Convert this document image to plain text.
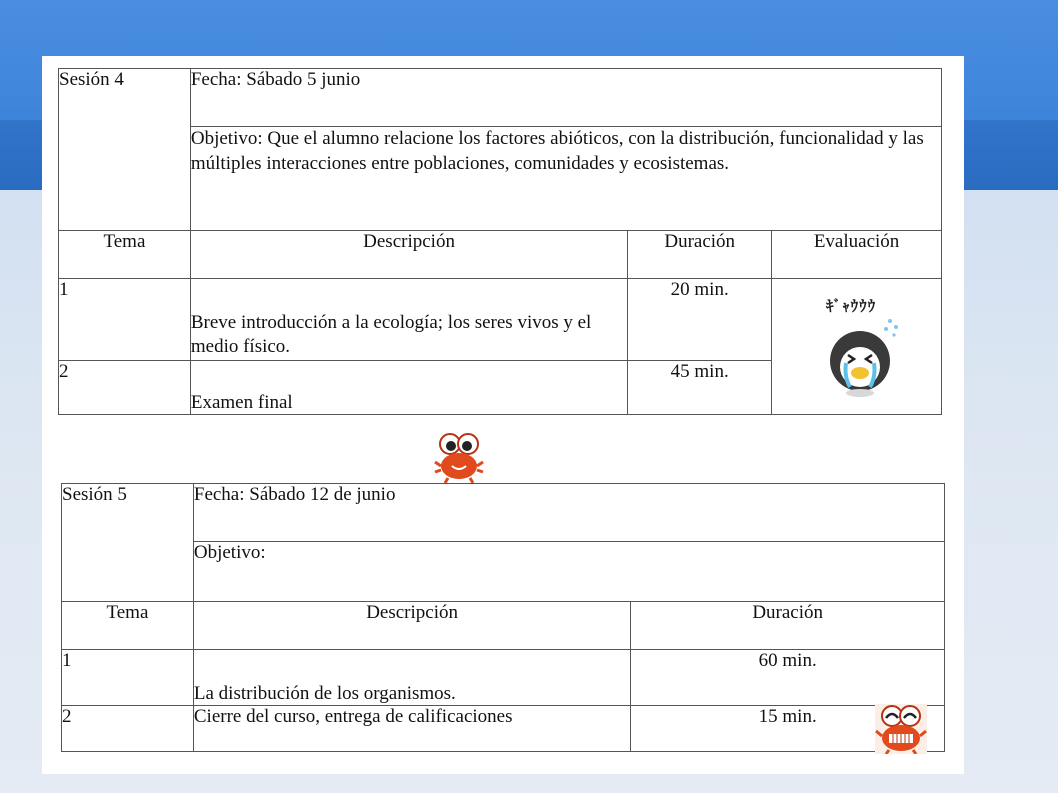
Sesión 4	Fecha: Sábado 5 junio		
	Objetivo: Que el alumno relacione los factores abióticos, con la distribución, funcionalidad y las múltiples interacciones entre poblaciones, comunidades y ecosistemas.		
Tema	Descripción	Duración	Evaluación
1	Breve introducción a la ecología; los seres vivos y el medio físico.	20 min.	ｷﾞｬｳｳｳ

2	Examen final	45 min.	
Sesión 5	Fecha: Sábado 12 de junio	
	Objetivo:	
Tema	Descripción	Duración
1	La distribución de los organismos.	60 min.
2	Cierre del curso, entrega de calificaciones	15 min.
